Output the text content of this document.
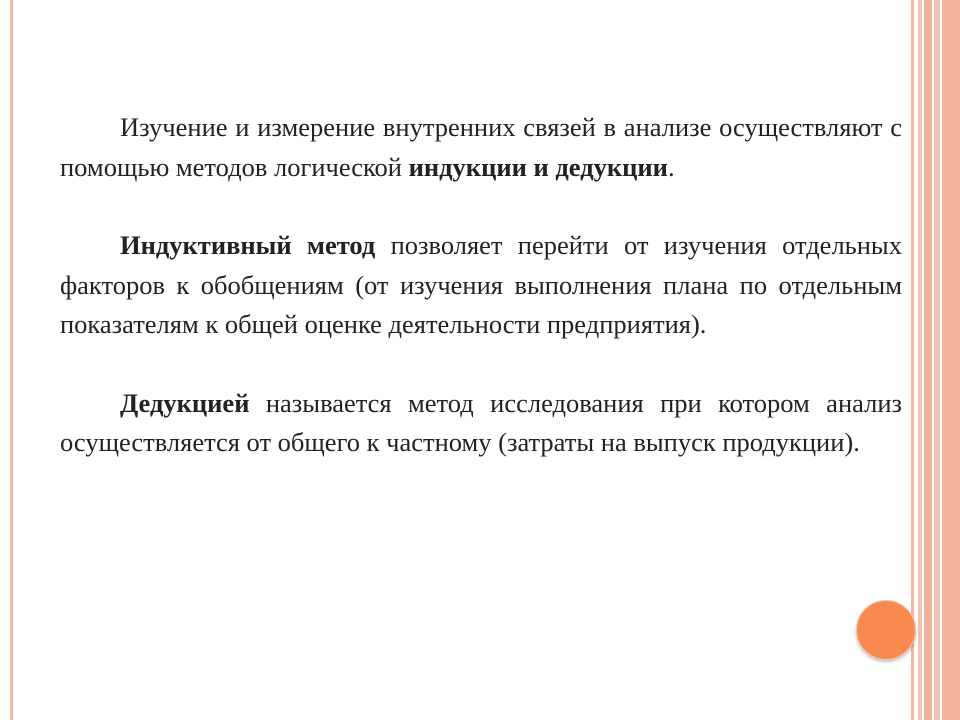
Изучение и измерение внутренних связей в анализе осуществляют с помощью методов логической индукции и дедукции.

Индуктивный метод позволяет перейти от изучения отдельных факторов к обобщениям (от изучения выполнения плана по отдельным показателям к общей оценке деятельности предприятия).

Дедукцией называется метод исследования при котором анализ осуществляется от общего к частному (затраты на выпуск продукции).
